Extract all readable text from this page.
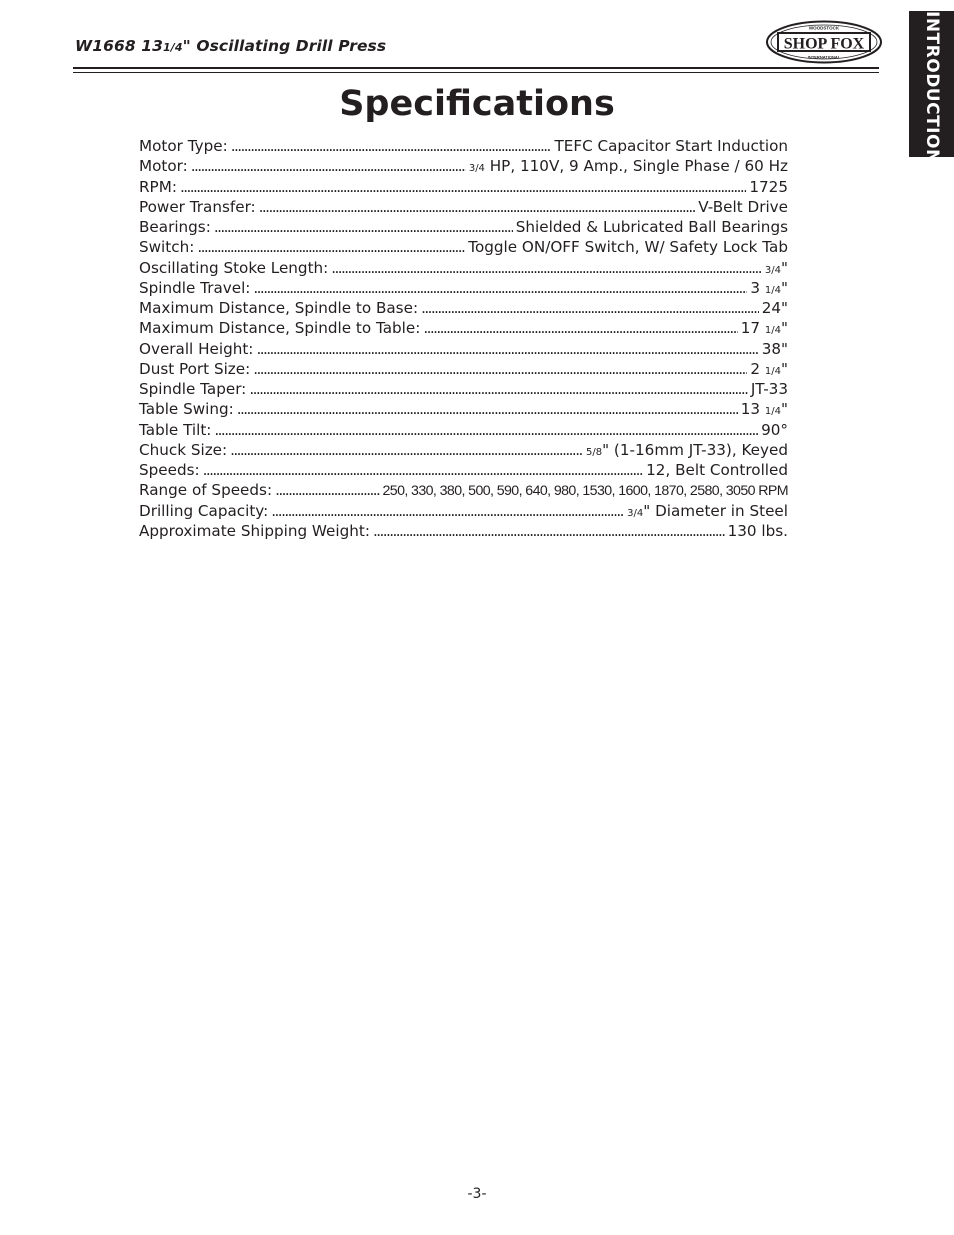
W1668 131/4" Oscillating Drill Press	SHOP FOX
WOODSTOCK
INTERNATIONAL	INTRODUCTION
Specifications
Motor Type: . . .	TEFC Capacitor Start Induction
Motor: . . .	3/4 HP, 110V, 9 Amp., Single Phase / 60 Hz
RPM: . . .	1725
Power Transfer: . . .	V-Belt Drive
Bearings: . . .	Shielded & Lubricated Ball Bearings
Switch: . . .	Toggle ON/OFF Switch, W/ Safety Lock Tab
Oscillating Stoke Length: . . .	3/4"
Spindle Travel: . . .	3 1/4"
Maximum Distance, Spindle to Base: . . .	24"
Maximum Distance, Spindle to Table: . . .	17 1/4"
Overall Height: . . .	38"
Dust Port Size: . . .	2 1/4"
Spindle Taper: . . .	JT-33
Table Swing: . . .	13 1/4"
Table Tilt: . . .	90°
Chuck Size: . . .	5/8" (1-16mm JT-33), Keyed
Speeds: . . .	12, Belt Controlled
Range of Speeds: . . .	250, 330, 380, 500, 590, 640, 980, 1530, 1600, 1870, 2580, 3050 RPM
Drilling Capacity: . . .	3/4" Diameter in Steel
Approximate Shipping Weight: . . .	130 lbs.
-3-
